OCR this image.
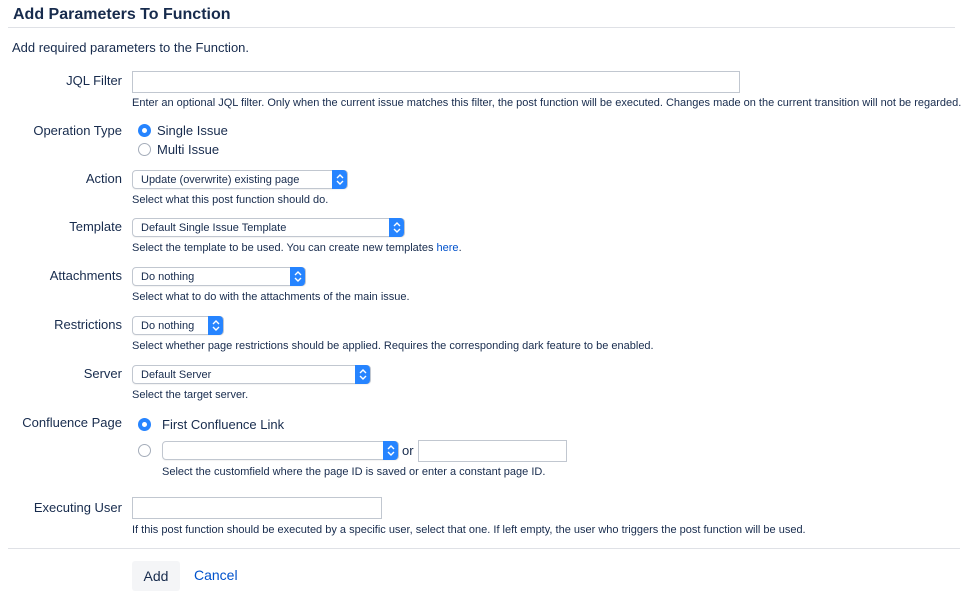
Add Parameters To Function
Add required parameters to the Function.
JQL Filter
Enter an optional JQL filter. Only when the current issue matches this filter, the post function will be executed. Changes made on the current transition will not be regarded.
Operation Type	Single Issue
Multi Issue
Action Update (overwrite) existing page
Select what this post function should do.
Template Default Single Issue Template
Select the template to be used. You can create new templates here.
Attachments Do nothing
Select what to do with the attachments of the main issue.
Restrictions Do nothing
Select whether page restrictions should be applied. Requires the corresponding dark feature to be enabled.
Server Default Server
Select the target server.
Confluence Page	First Confluence Link
or
Select the customfield where the page ID is saved or enter a constant page ID.
Executing User
If this post function should be executed by a specific user, select that one. If left empty, the user who triggers the post function will be used.
Add	Cancel
